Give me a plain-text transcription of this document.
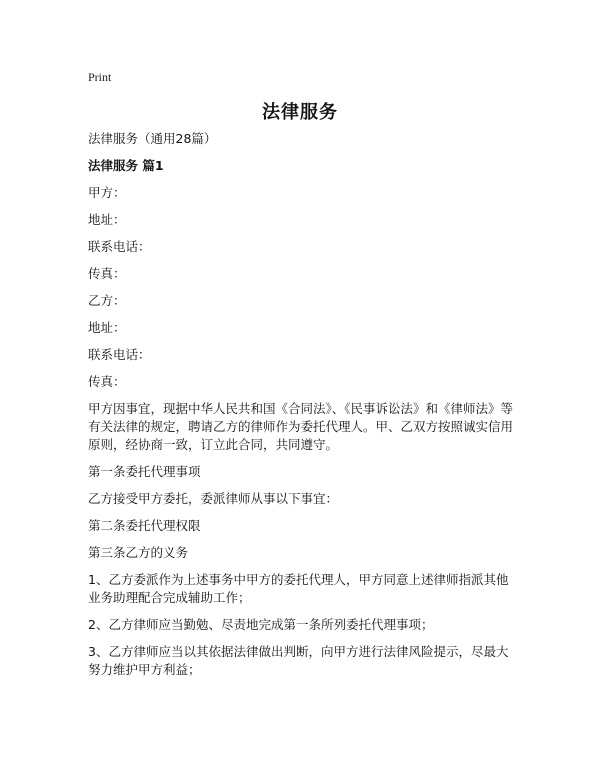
Print
法律服务

法律服务（通用28篇）

法律服务 篇1

甲方：

地址：

联系电话：

传真：

乙方：

地址：

联系电话：

传真：

甲方因事宜，现据中华人民共和国《合同法》、《民事诉讼法》和《律师法》等有关法律的规定，聘请乙方的律师作为委托代理人。甲、乙双方按照诚实信用原则，经协商一致，订立此合同，共同遵守。

第一条委托代理事项

乙方接受甲方委托，委派律师从事以下事宜：

第二条委托代理权限

第三条乙方的义务

1、乙方委派作为上述事务中甲方的委托代理人，甲方同意上述律师指派其他业务助理配合完成辅助工作；

2、乙方律师应当勤勉、尽责地完成第一条所列委托代理事项；

3、乙方律师应当以其依据法律做出判断，向甲方进行法律风险提示，尽最大努力维护甲方利益；
